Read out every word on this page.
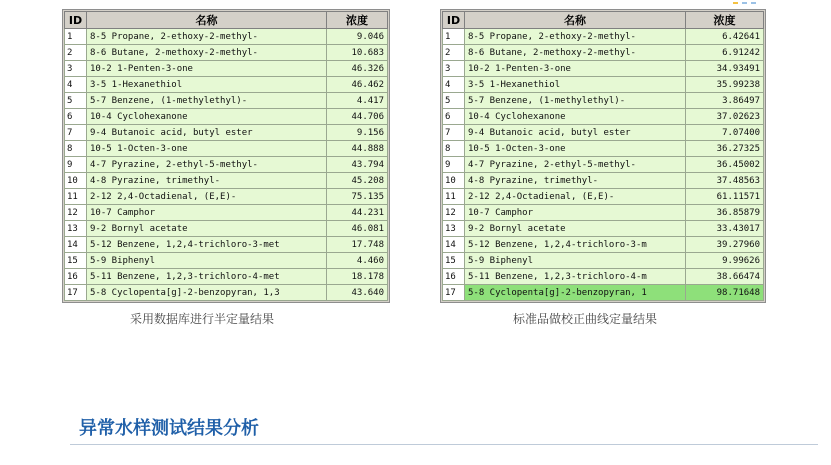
ID	名称	浓度
1	8-5 Propane, 2-ethoxy-2-methyl-	9.046
2	8-6 Butane, 2-methoxy-2-methyl-	10.683
3	10-2 1-Penten-3-one	46.326
4	3-5 1-Hexanethiol	46.462
5	5-7 Benzene, (1-methylethyl)-	4.417
6	10-4 Cyclohexanone	44.706
7	9-4 Butanoic acid, butyl ester	9.156
8	10-5 1-Octen-3-one	44.888
9	4-7 Pyrazine, 2-ethyl-5-methyl-	43.794
10	4-8 Pyrazine, trimethyl-	45.208
11	2-12 2,4-Octadienal, (E,E)-	75.135
12	10-7 Camphor	44.231
13	9-2 Bornyl acetate	46.081
14	5-12 Benzene, 1,2,4-trichloro-3-met	17.748
15	5-9 Biphenyl	4.460
16	5-11 Benzene, 1,2,3-trichloro-4-met	18.178
17	5-8 Cyclopenta[g]-2-benzopyran, 1,3	43.640
ID	名称	浓度
1	8-5 Propane, 2-ethoxy-2-methyl-	6.42641
2	8-6 Butane, 2-methoxy-2-methyl-	6.91242
3	10-2 1-Penten-3-one	34.93491
4	3-5 1-Hexanethiol	35.99238
5	5-7 Benzene, (1-methylethyl)-	3.86497
6	10-4 Cyclohexanone	37.02623
7	9-4 Butanoic acid, butyl ester	7.07400
8	10-5 1-Octen-3-one	36.27325
9	4-7 Pyrazine, 2-ethyl-5-methyl-	36.45002
10	4-8 Pyrazine, trimethyl-	37.48563
11	2-12 2,4-Octadienal, (E,E)-	61.11571
12	10-7 Camphor	36.85879
13	9-2 Bornyl acetate	33.43017
14	5-12 Benzene, 1,2,4-trichloro-3-m	39.27960
15	5-9 Biphenyl	9.99626
16	5-11 Benzene, 1,2,3-trichloro-4-m	38.66474
17	5-8 Cyclopenta[g]-2-benzopyran, 1	98.71648
采用数据库进行半定量结果	标准品做校正曲线定量结果
异常水样测试结果分析
